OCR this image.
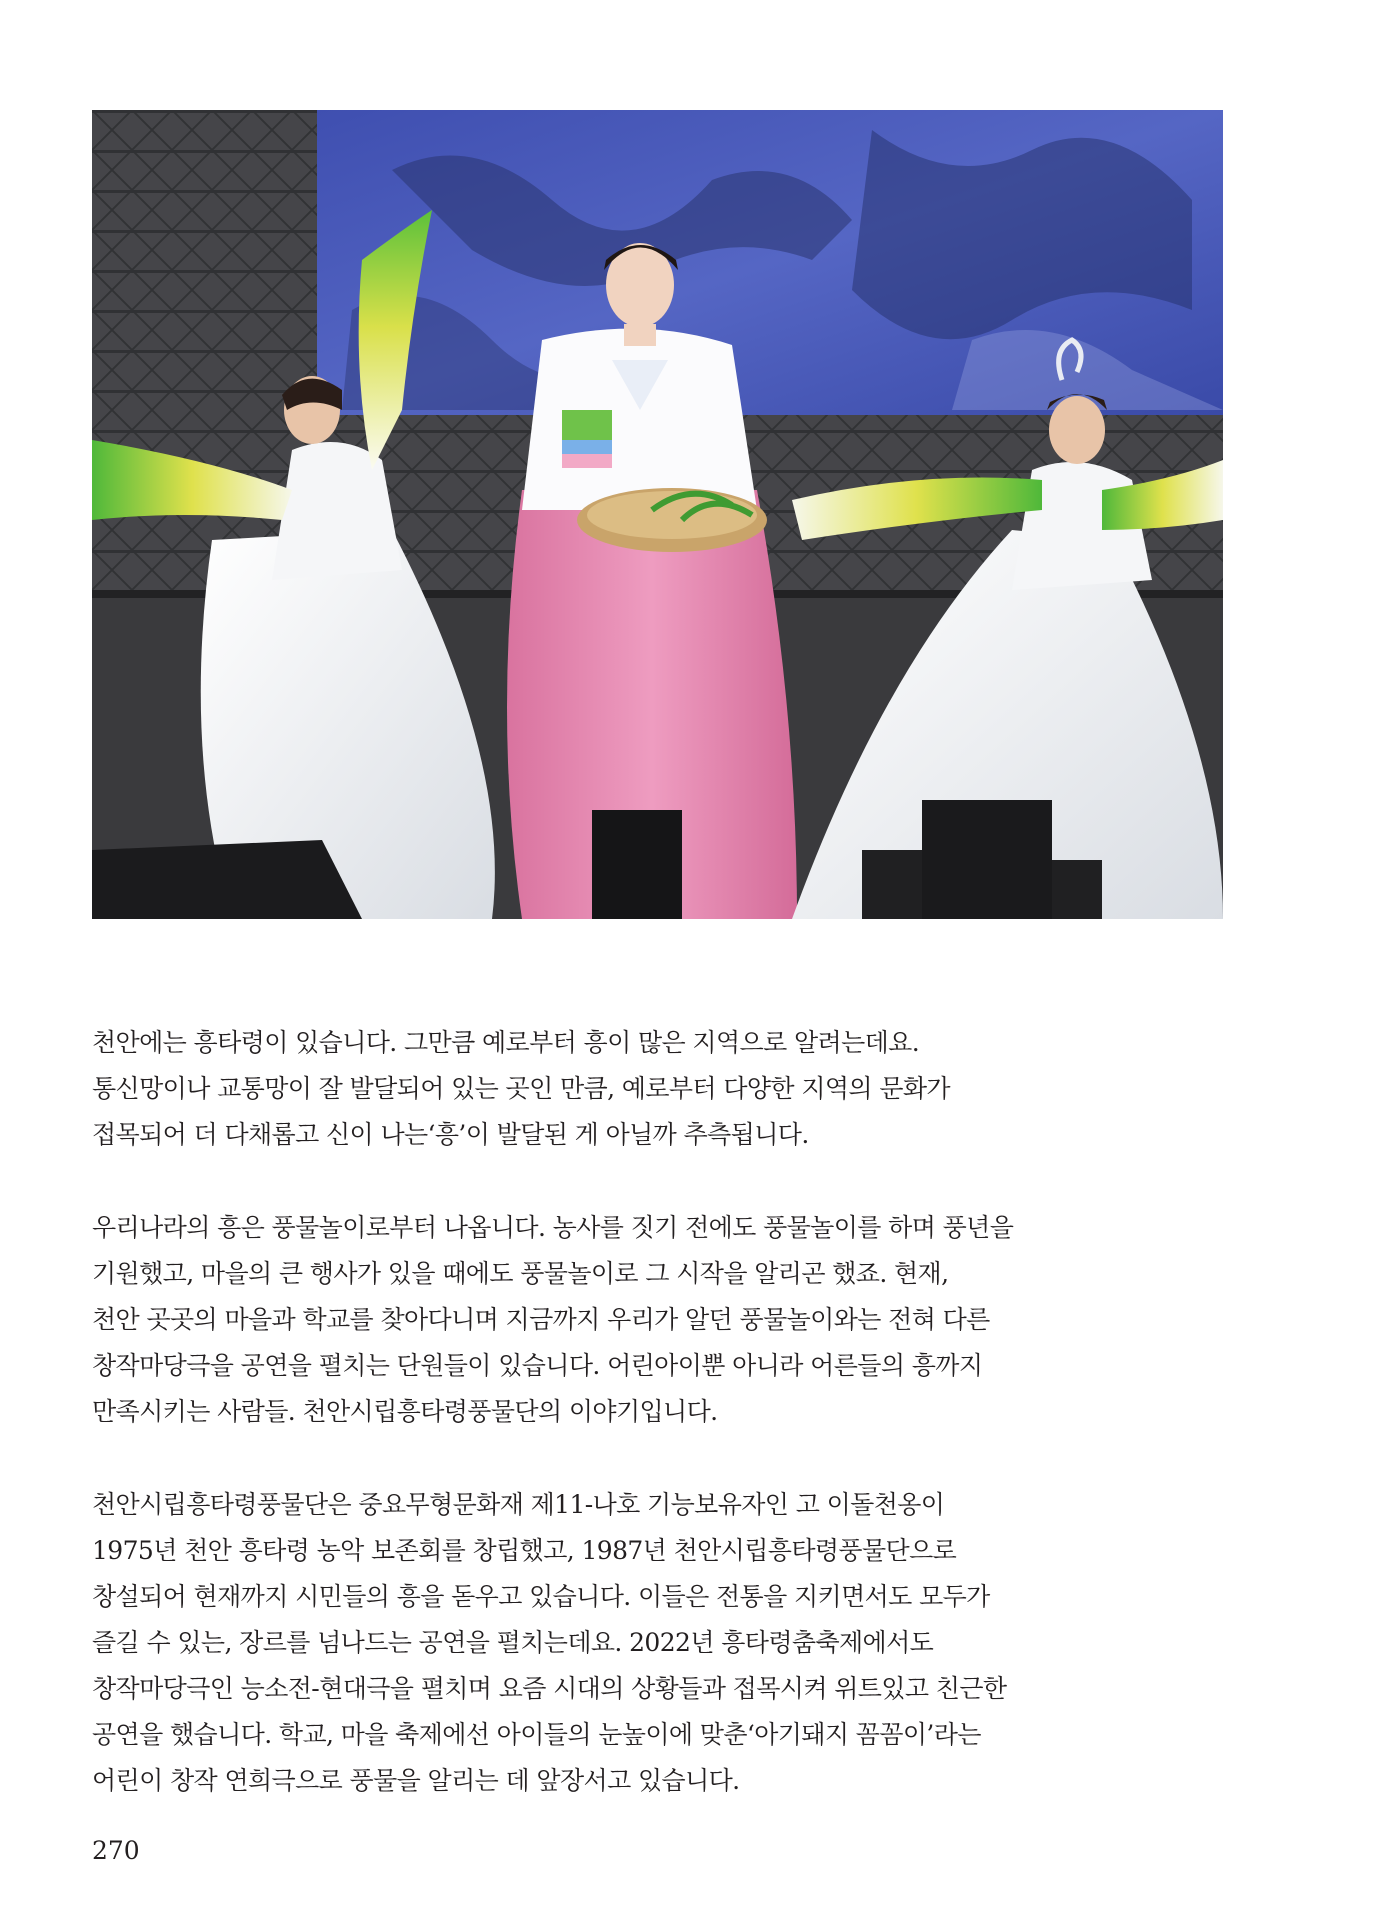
천안에는 흥타령이 있습니다. 그만큼 예로부터 흥이 많은 지역으로 알려는데요.
통신망이나 교통망이 잘 발달되어 있는 곳인 만큼, 예로부터 다양한 지역의 문화가
접목되어 더 다채롭고 신이 나는‘흥’이 발달된 게 아닐까 추측됩니다.

우리나라의 흥은 풍물놀이로부터 나옵니다. 농사를 짓기 전에도 풍물놀이를 하며 풍년을
기원했고, 마을의 큰 행사가 있을 때에도 풍물놀이로 그 시작을 알리곤 했죠. 현재,
천안 곳곳의 마을과 학교를 찾아다니며 지금까지 우리가 알던 풍물놀이와는 전혀 다른
창작마당극을 공연을 펼치는 단원들이 있습니다. 어린아이뿐 아니라 어른들의 흥까지
만족시키는 사람들. 천안시립흥타령풍물단의 이야기입니다.

천안시립흥타령풍물단은 중요무형문화재 제11-나호 기능보유자인 고 이돌천옹이
1975년 천안 흥타령 농악 보존회를 창립했고, 1987년 천안시립흥타령풍물단으로
창설되어 현재까지 시민들의 흥을 돋우고 있습니다. 이들은 전통을 지키면서도 모두가
즐길 수 있는, 장르를 넘나드는 공연을 펼치는데요. 2022년 흥타령춤축제에서도
창작마당극인 능소전-현대극을 펼치며 요즘 시대의 상황들과 접목시켜 위트있고 친근한
공연을 했습니다. 학교, 마을 축제에선 아이들의 눈높이에 맞춘‘아기돼지 꼼꼼이’라는
어린이 창작 연희극으로 풍물을 알리는 데 앞장서고 있습니다.

270
